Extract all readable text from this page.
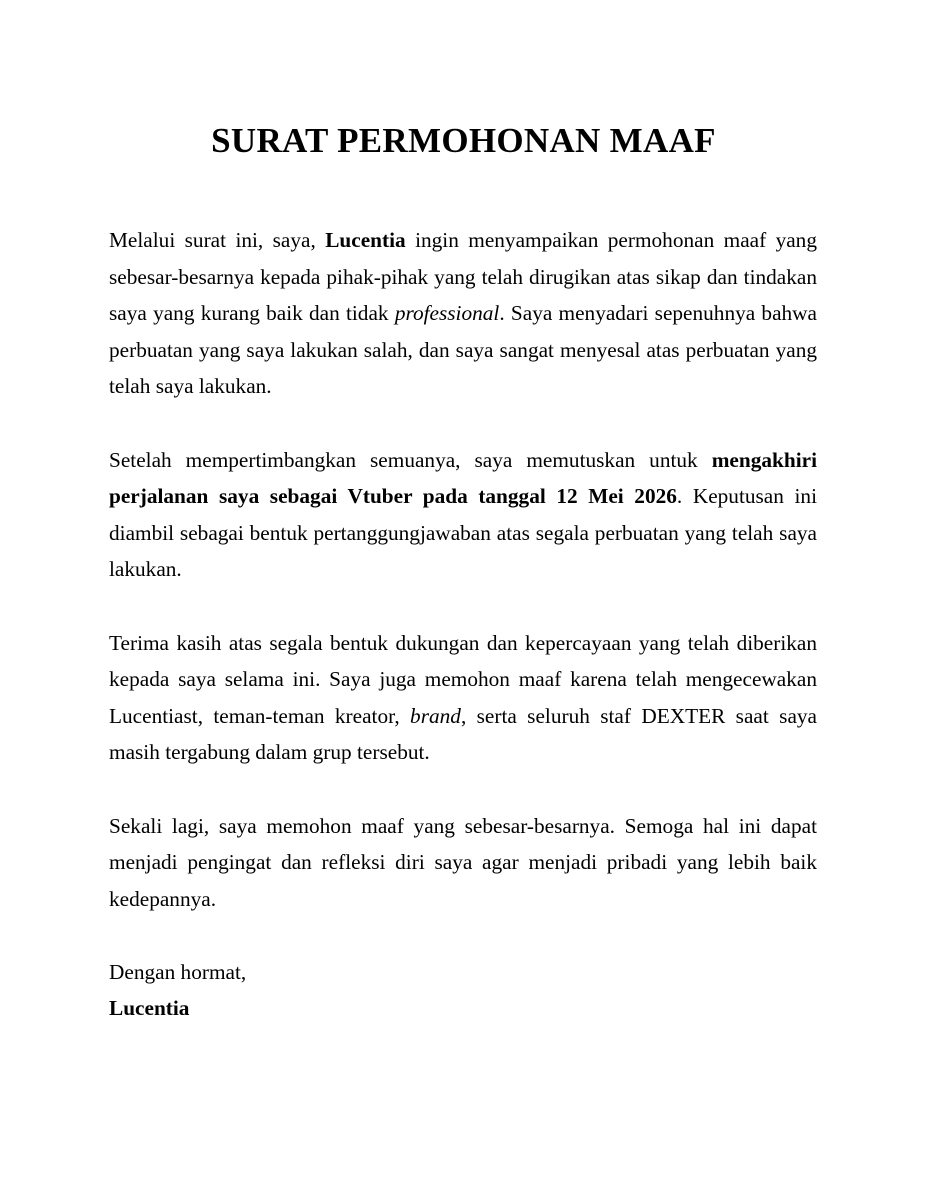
SURAT PERMOHONAN MAAF

Melalui surat ini, saya, Lucentia ingin menyampaikan permohonan maaf yang sebesar-besarnya kepada pihak-pihak yang telah dirugikan atas sikap dan tindakan saya yang kurang baik dan tidak professional. Saya menyadari sepenuhnya bahwa perbuatan yang saya lakukan salah, dan saya sangat menyesal atas perbuatan yang telah saya lakukan.

Setelah mempertimbangkan semuanya, saya memutuskan untuk mengakhiri perjalanan saya sebagai Vtuber pada tanggal 12 Mei 2026. Keputusan ini diambil sebagai bentuk pertanggungjawaban atas segala perbuatan yang telah saya lakukan.

Terima kasih atas segala bentuk dukungan dan kepercayaan yang telah diberikan kepada saya selama ini. Saya juga memohon maaf karena telah mengecewakan Lucentiast, teman-teman kreator, brand, serta seluruh staf DEXTER saat saya masih tergabung dalam grup tersebut.

Sekali lagi, saya memohon maaf yang sebesar-besarnya. Semoga hal ini dapat menjadi pengingat dan refleksi diri saya agar menjadi pribadi yang lebih baik kedepannya.

Dengan hormat,
Lucentia
